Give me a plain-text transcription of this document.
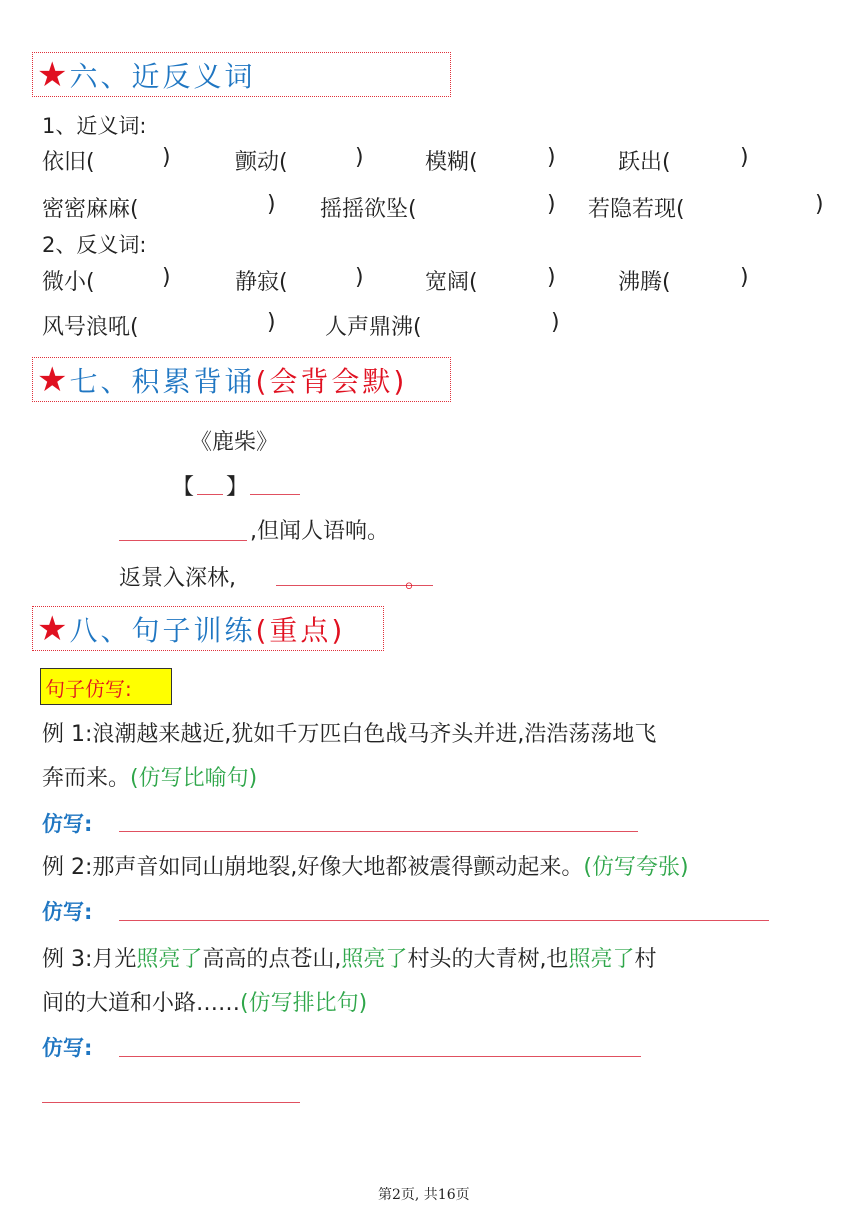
★ 六、近反义词
1、近义词:
依旧(	)	颤动(	)	模糊(	)	跃出(	)
密密麻麻(	) 摇摇欲坠(	) 若隐若现(	)
2、反义词:
微小(	)	静寂(	)	宽阔(	)	沸腾(	)
风号浪吼(	) 人声鼎沸(	)
★ 七、积累背诵 (会背会默)
《鹿柴》
【 】
,但闻人语响。
返景入深林,	。
★ 八、句子训练 (重点)
句子仿写:
例 1:浪潮越来越近,犹如千万匹白色战马齐头并进,浩浩荡荡地飞
奔而来。(仿写比喻句)
仿写:
例 2:那声音如同山崩地裂,好像大地都被震得颤动起来。(仿写夸张)
仿写:
例 3:月光照亮了高高的点苍山,照亮了村头的大青树,也照亮了村
间的大道和小路……(仿写排比句)
仿写:
第2页, 共16页
